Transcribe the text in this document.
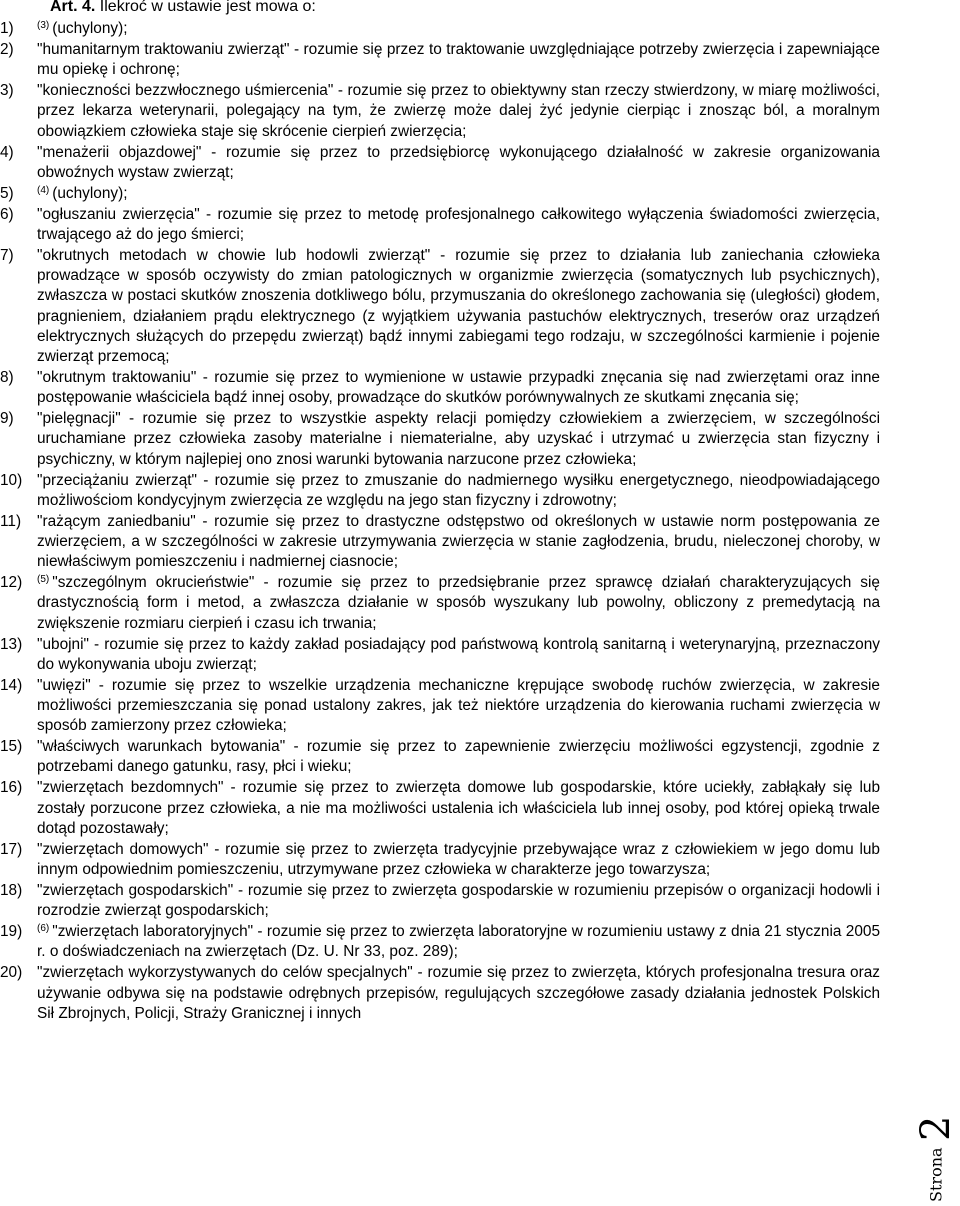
Art. 4. Ilekroć w ustawie jest mowa o:
1)	$^{(3)}$ (uchylony);
2)	"humanitarnym traktowaniu zwierząt" - rozumie się przez to traktowanie uwzględniające potrzeby zwierzęcia i zapewniające mu opiekę i ochronę;
3)	"konieczności bezzwłocznego uśmiercenia" - rozumie się przez to obiektywny stan rzeczy stwierdzony, w miarę możliwości, przez lekarza weterynarii, polegający na tym, że zwierzę może dalej żyć jedynie cierpiąc i znosząc ból, a moralnym obowiązkiem człowieka staje się skrócenie cierpień zwierzęcia;
4)	"menażerii objazdowej" - rozumie się przez to przedsiębiorcę wykonującego działalność w zakresie organizowania obwoźnych wystaw zwierząt;
5)	$^{(4)}$ (uchylony);
6)	"ogłuszaniu zwierzęcia" - rozumie się przez to metodę profesjonalnego całkowitego wyłączenia świadomości zwierzęcia, trwającego aż do jego śmierci;
7)	"okrutnych metodach w chowie lub hodowli zwierząt" - rozumie się przez to działania lub zaniechania człowieka prowadzące w sposób oczywisty do zmian patologicznych w organizmie zwierzęcia (somatycznych lub psychicznych), zwłaszcza w postaci skutków znoszenia dotkliwego bólu, przymuszania do określonego zachowania się (uległości) głodem, pragnieniem, działaniem prądu elektrycznego (z wyjątkiem używania pastuchów elektrycznych, treserów oraz urządzeń elektrycznych służących do przepędu zwierząt) bądź innymi zabiegami tego rodzaju, w szczególności karmienie i pojenie zwierząt przemocą;
8)	"okrutnym traktowaniu" - rozumie się przez to wymienione w ustawie przypadki znęcania się nad zwierzętami oraz inne postępowanie właściciela bądź innej osoby, prowadzące do skutków porównywalnych ze skutkami znęcania się;
9)	"pielęgnacji" - rozumie się przez to wszystkie aspekty relacji pomiędzy człowiekiem a zwierzęciem, w szczególności uruchamiane przez człowieka zasoby materialne i niematerialne, aby uzyskać i utrzymać u zwierzęcia stan fizyczny i psychiczny, w którym najlepiej ono znosi warunki bytowania narzucone przez człowieka;
10) "przeciążaniu zwierząt" - rozumie się przez to zmuszanie do nadmiernego wysiłku energetycznego, nieodpowiadającego możliwościom kondycyjnym zwierzęcia ze względu na jego stan fizyczny i zdrowotny;
11)	"rażącym zaniedbaniu" - rozumie się przez to drastyczne odstępstwo od określonych w ustawie norm postępowania ze zwierzęciem, a w szczególności w zakresie utrzymywania zwierzęcia w stanie zagłodzenia, brudu, nieleczonej choroby, w niewłaściwym pomieszczeniu i nadmiernej ciasnocie;
12)	$^{(5)}$ "szczególnym okrucieństwie" - rozumie się przez to przedsiębranie przez sprawcę działań charakteryzujących się drastycznością form i metod, a zwłaszcza działanie w sposób wyszukany lub powolny, obliczony z premedytacją na zwiększenie rozmiaru cierpień i czasu ich trwania;
13) "ubojni" - rozumie się przez to każdy zakład posiadający pod państwową kontrolą sanitarną i weterynaryjną, przeznaczony do wykonywania uboju zwierząt;
14) "uwięzi" - rozumie się przez to wszelkie urządzenia mechaniczne krępujące swobodę ruchów zwierzęcia, w zakresie możliwości przemieszczania się ponad ustalony zakres, jak też niektóre urządzenia do kierowania ruchami zwierzęcia w sposób zamierzony przez człowieka;
15) "właściwych warunkach bytowania" - rozumie się przez to zapewnienie zwierzęciu możliwości egzystencji, zgodnie z potrzebami danego gatunku, rasy, płci i wieku;
16) "zwierzętach bezdomnych" - rozumie się przez to zwierzęta domowe lub gospodarskie, które uciekły, zabłąkały się lub zostały porzucone przez człowieka, a nie ma możliwości ustalenia ich właściciela lub innej osoby, pod której opieką trwale dotąd pozostawały;
17) "zwierzętach domowych" - rozumie się przez to zwierzęta tradycyjnie przebywające wraz z człowiekiem w jego domu lub innym odpowiednim pomieszczeniu, utrzymywane przez człowieka w charakterze jego towarzysza;
18) "zwierzętach gospodarskich" - rozumie się przez to zwierzęta gospodarskie w rozumieniu przepisów o organizacji hodowli i rozrodzie zwierząt gospodarskich;
19)	$^{(6)}$ "zwierzętach laboratoryjnych" - rozumie się przez to zwierzęta laboratoryjne w rozumieniu ustawy z dnia 21 stycznia 2005 r. o doświadczeniach na zwierzętach (Dz. U. Nr 33, poz. 289);
20) "zwierzętach wykorzystywanych do celów specjalnych" - rozumie się przez to zwierzęta, których profesjonalna tresura oraz używanie odbywa się na podstawie odrębnych przepisów, regulujących szczegółowe zasady działania jednostek Polskich Sił Zbrojnych, Policji, Straży Granicznej i innych
Strona
2
